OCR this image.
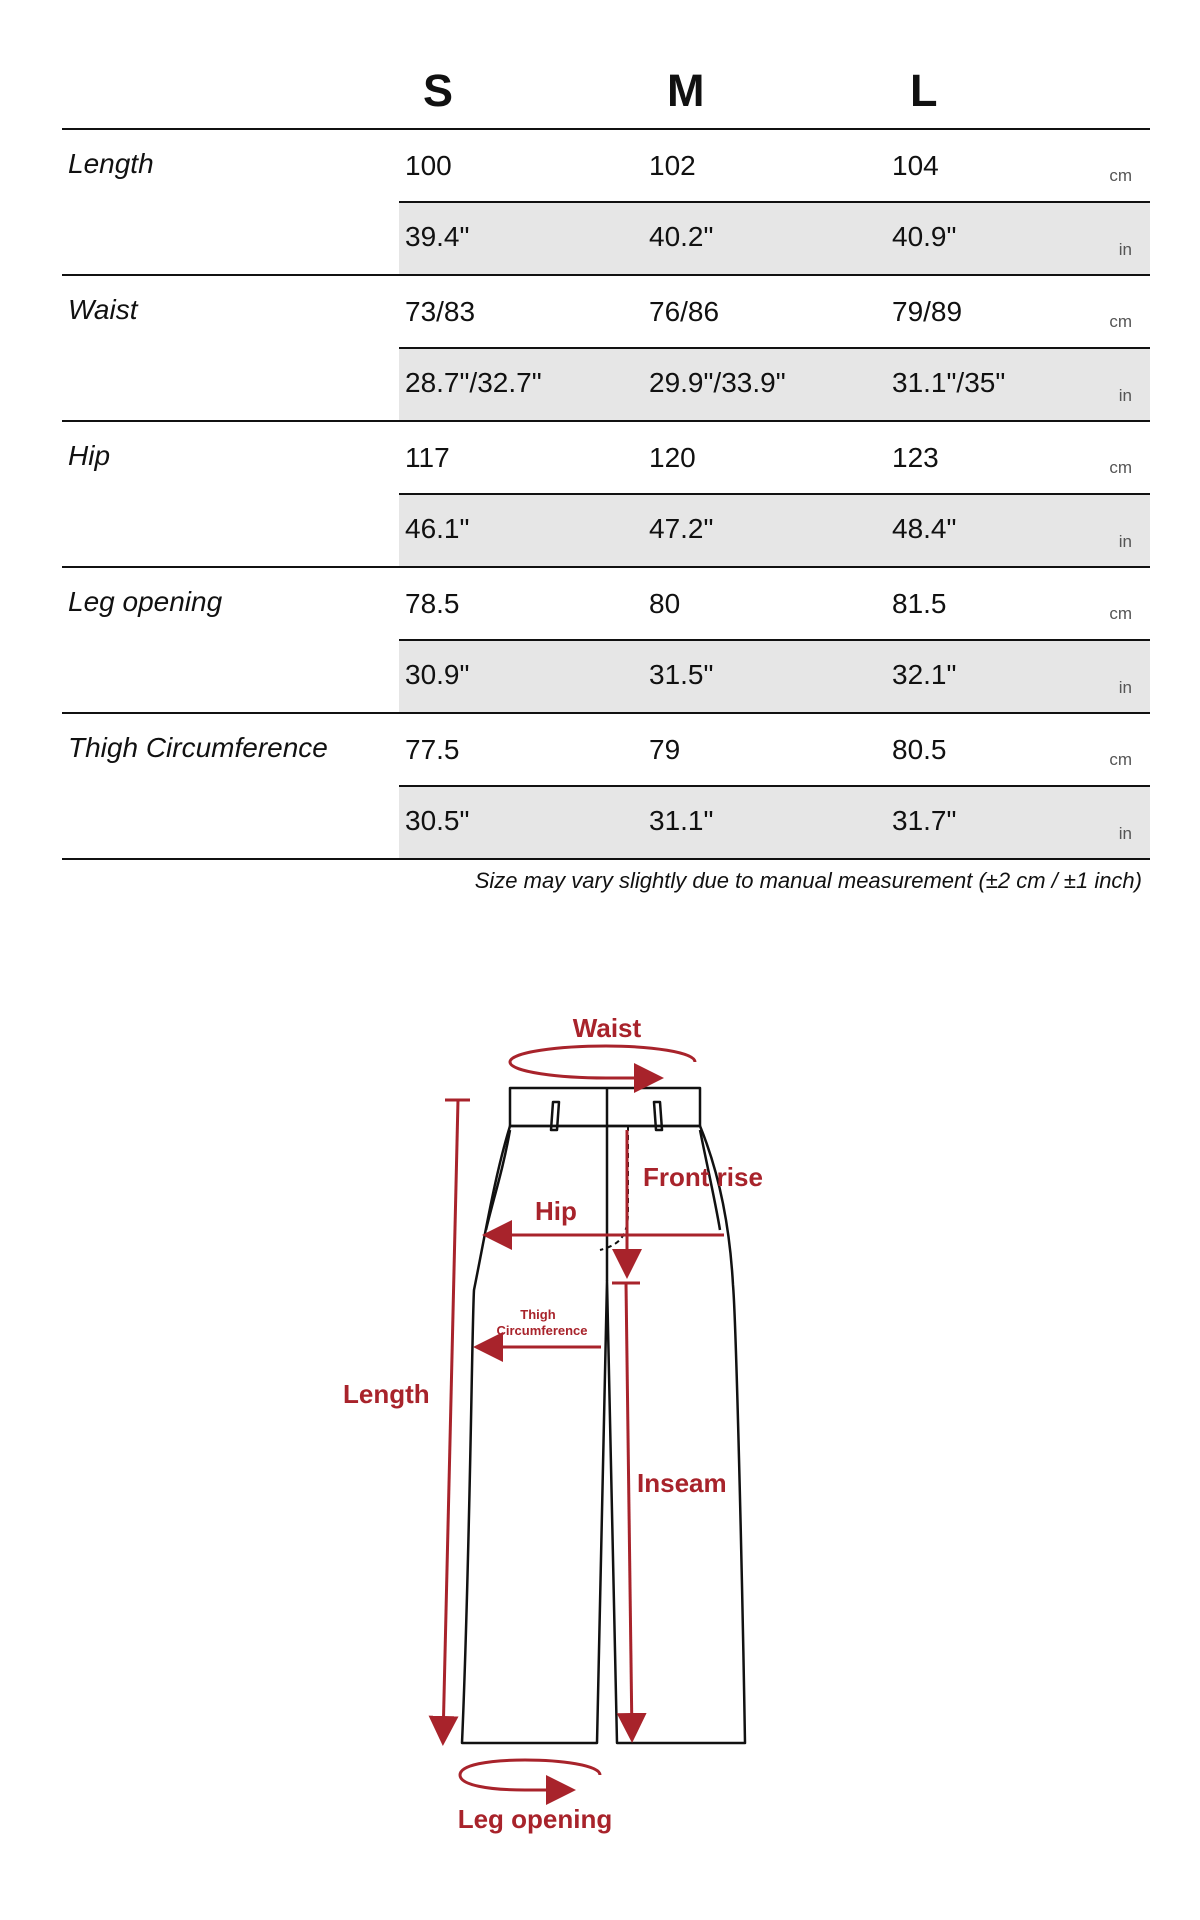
S	M	L
Length	100	102	104	cm
39.4"	40.2"	40.9"	in
Waist	73/83	76/86	79/89	cm
28.7"/32.7"	29.9"/33.9"	31.1"/35"	in
Hip	117	120	123	cm
46.1"	47.2"	48.4"	in
Leg opening	78.5	80	81.5	cm
30.9"	31.5"	32.1"	in
Thigh Circumference	77.5	79	80.5	cm
30.5"	31.1"	31.7"	in
Size may vary slightly due to manual measurement (±2 cm / ±1 inch)
Waist
Front rise
Hip
Thigh
Circumference
Length
Inseam
Leg opening
